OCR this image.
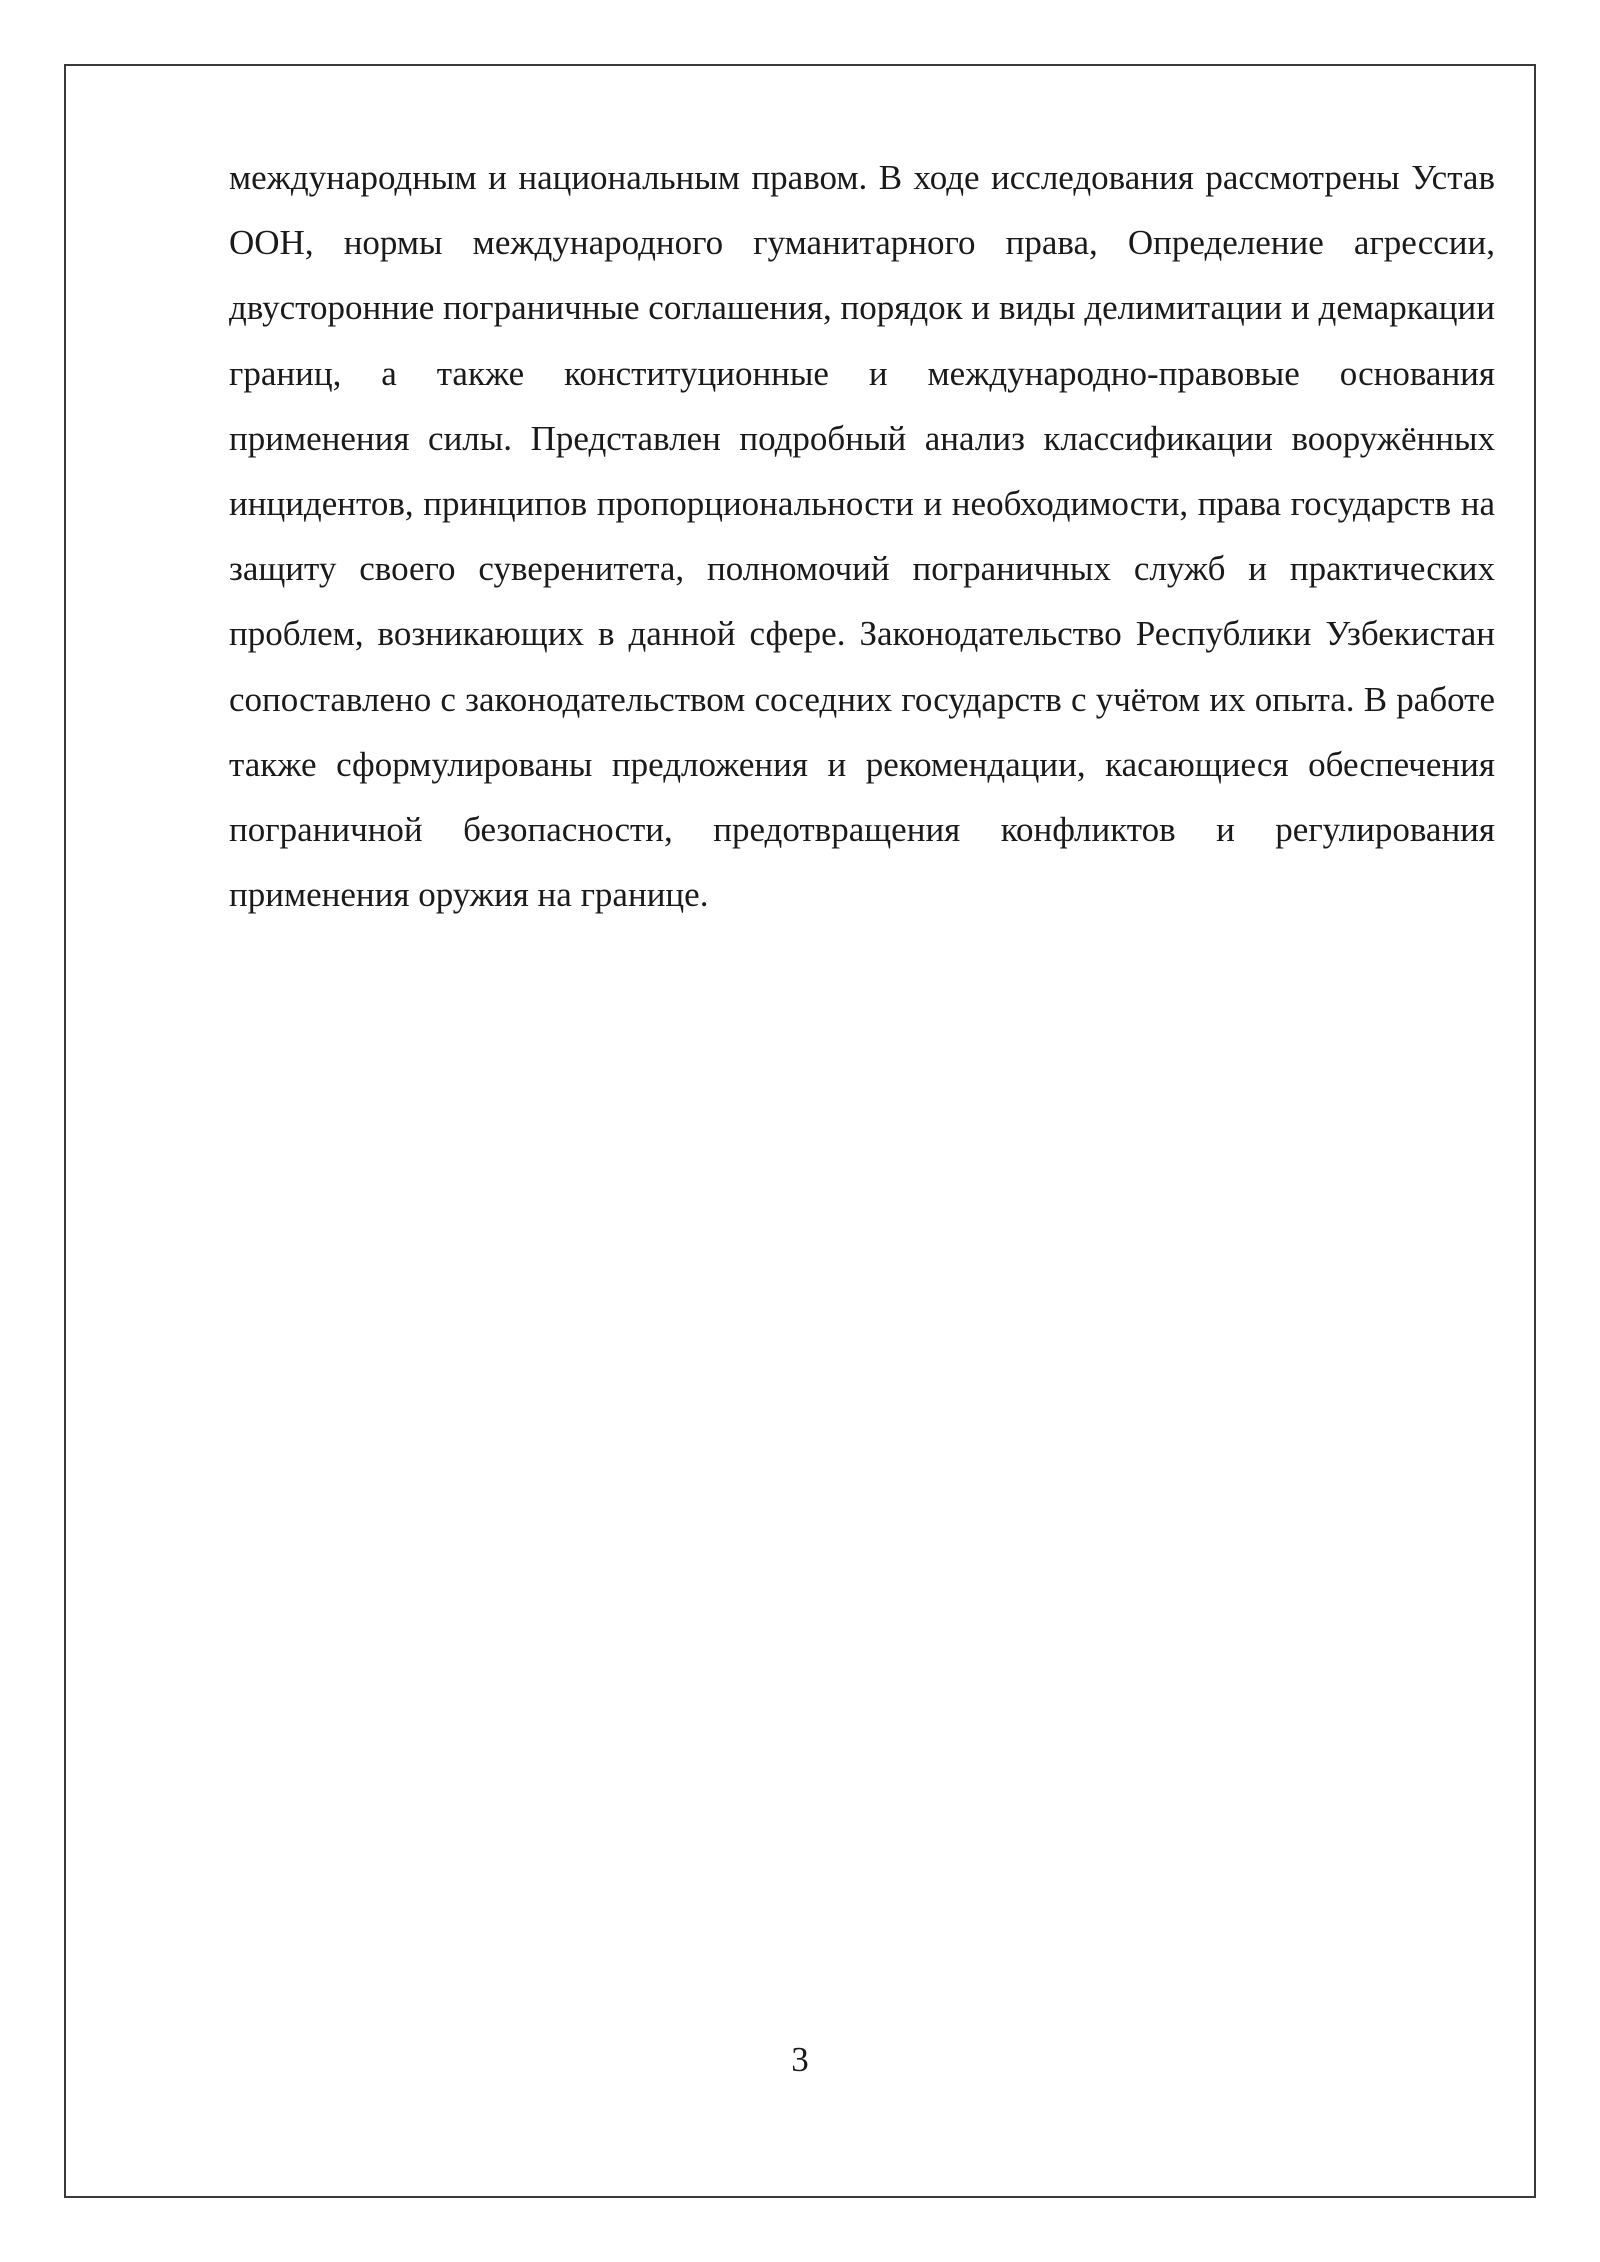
международным и национальным правом. В ходе исследования рассмотрены Устав ООН, нормы международного гуманитарного права, Определение агрессии, двусторонние пограничные соглашения, порядок и виды делимитации и демаркации границ, а также конституционные и международно-правовые основания применения силы. Представлен подробный анализ классификации вооружённых инцидентов, принципов пропорциональности и необходимости, права государств на защиту своего суверенитета, полномочий пограничных служб и практических проблем, возникающих в данной сфере. Законодательство Республики Узбекистан сопоставлено с законодательством соседних государств с учётом их опыта. В работе также сформулированы предложения и рекомендации, касающиеся обеспечения пограничной безопасности, предотвращения конфликтов и регулирования применения оружия на границе.

3
